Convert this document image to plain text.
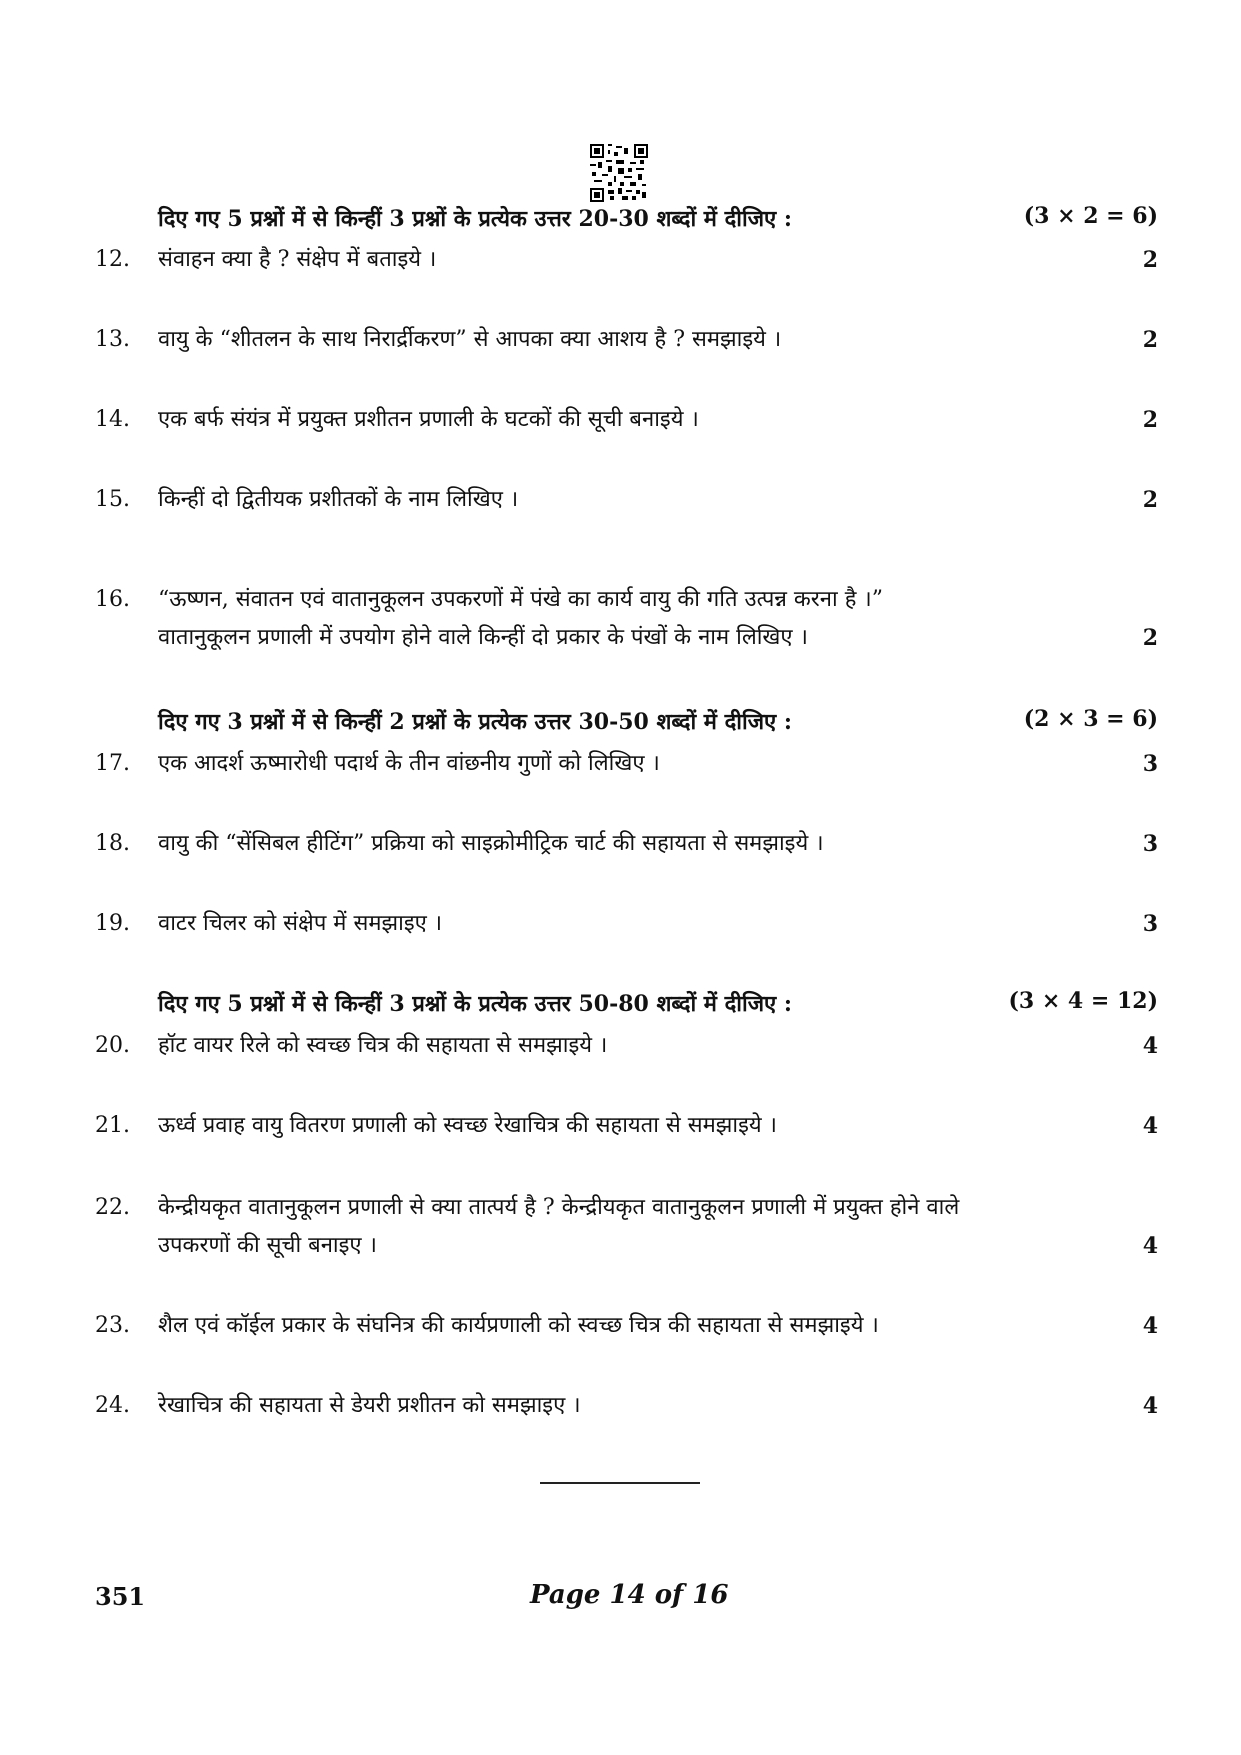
दिए गए 5 प्रश्नों में से किन्हीं 3 प्रश्नों के प्रत्येक उत्तर 20-30 शब्दों में दीजिए :	(3 × 2 = 6)
12.	संवाहन क्या है ? संक्षेप में बताइये ।	2
13.	वायु के “शीतलन के साथ निरार्द्रीकरण” से आपका क्या आशय है ? समझाइये ।	2
14.	एक बर्फ संयंत्र में प्रयुक्त प्रशीतन प्रणाली के घटकों की सूची बनाइये ।	2
15.	किन्हीं दो द्वितीयक प्रशीतकों के नाम लिखिए ।	2
16.	“ऊष्णन, संवातन एवं वातानुकूलन उपकरणों में पंखे का कार्य वायु की गति उत्पन्न करना है ।”
वातानुकूलन प्रणाली में उपयोग होने वाले किन्हीं दो प्रकार के पंखों के नाम लिखिए ।	2
दिए गए 3 प्रश्नों में से किन्हीं 2 प्रश्नों के प्रत्येक उत्तर 30-50 शब्दों में दीजिए :	(2 × 3 = 6)
17.	एक आदर्श ऊष्मारोधी पदार्थ के तीन वांछनीय गुणों को लिखिए ।	3
18.	वायु की “सेंसिबल हीटिंग” प्रक्रिया को साइक्रोमीट्रिक चार्ट की सहायता से समझाइये ।	3
19.	वाटर चिलर को संक्षेप में समझाइए ।	3
दिए गए 5 प्रश्नों में से किन्हीं 3 प्रश्नों के प्रत्येक उत्तर 50-80 शब्दों में दीजिए :	(3 × 4 = 12)
20.	हॉट वायर रिले को स्वच्छ चित्र की सहायता से समझाइये ।	4
21.	ऊर्ध्व प्रवाह वायु वितरण प्रणाली को स्वच्छ रेखाचित्र की सहायता से समझाइये ।	4
22.	केन्द्रीयकृत वातानुकूलन प्रणाली से क्या तात्पर्य है ? केन्द्रीयकृत वातानुकूलन प्रणाली में प्रयुक्त होने वाले
उपकरणों की सूची बनाइए ।	4
23.	शैल एवं कॉईल प्रकार के संघनित्र की कार्यप्रणाली को स्वच्छ चित्र की सहायता से समझाइये ।	4
24.	रेखाचित्र की सहायता से डेयरी प्रशीतन को समझाइए ।	4
351	Page 14 of 16
